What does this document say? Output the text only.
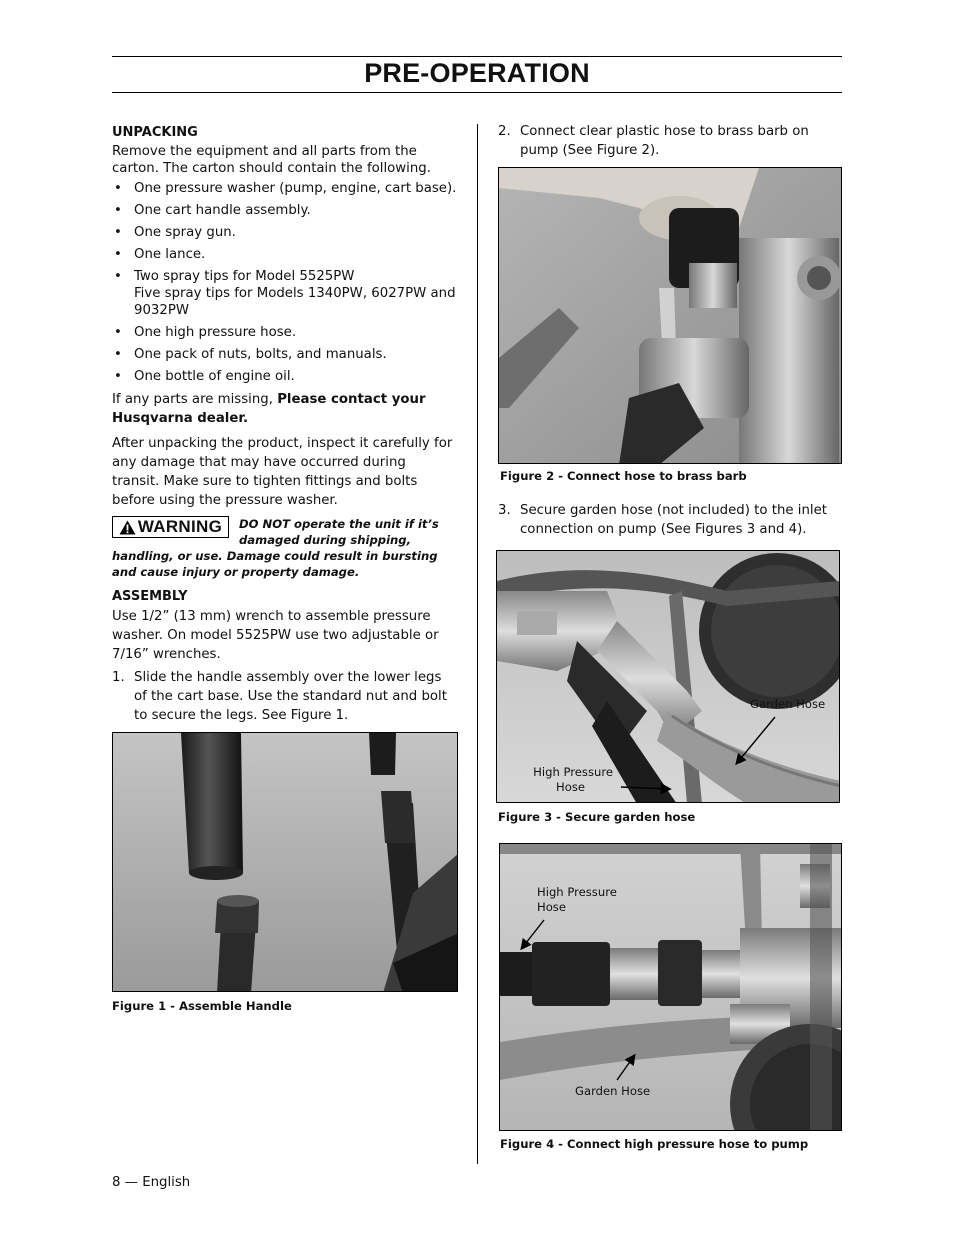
PRE-OPERATION
UNPACKING
Remove the equipment and all parts from the carton. The carton should contain the following.
• One pressure washer (pump, engine, cart base).
• One cart handle assembly.
• One spray gun.
• One lance.
• Two spray tips for Model 5525PW
Five spray tips for Models 1340PW, 6027PW and 9032PW
• One high pressure hose.
• One pack of nuts, bolts, and manuals.
• One bottle of engine oil.
If any parts are missing, Please contact your Husqvarna dealer.
After unpacking the product, inspect it carefully for any damage that may have occurred during transit. Make sure to tighten fittings and bolts before using the pressure washer.
WARNING DO NOT operate the unit if it’s damaged during shipping, handling, or use. Damage could result in bursting and cause injury or property damage.
ASSEMBLY
Use 1/2” (13 mm) wrench to assemble pressure washer. On model 5525PW use two adjustable or 7/16” wrenches.
1. Slide the handle assembly over the lower legs of the cart base. Use the standard nut and bolt to secure the legs. See Figure 1.
Figure 1 - Assemble Handle
2. Connect clear plastic hose to brass barb on pump (See Figure 2).
Figure 2 - Connect hose to brass barb
3. Secure garden hose (not included) to the inlet connection on pump (See Figures 3 and 4).
Garden Hose
High Pressure
Hose
Figure 3 - Secure garden hose
High Pressure
Hose
Garden Hose
Figure 4 - Connect high pressure hose to pump
8 — English
